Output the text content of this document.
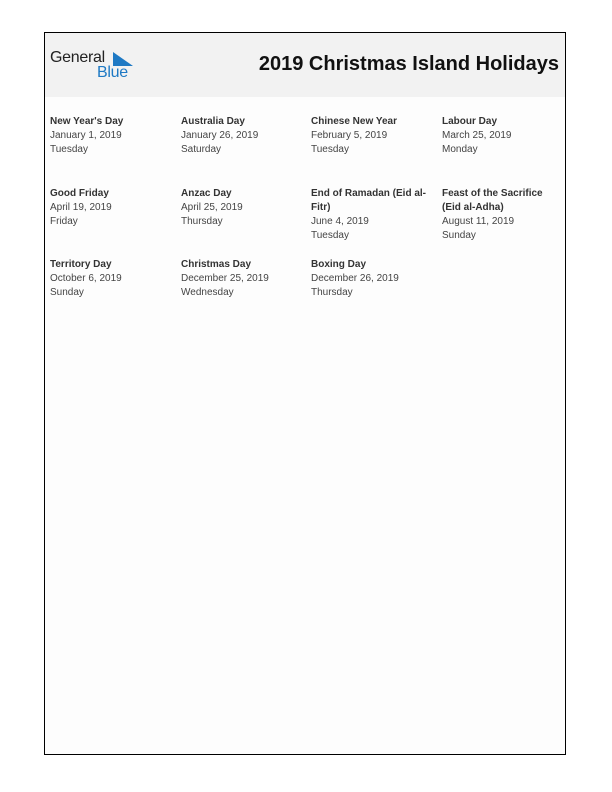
General
Blue	2019 Christmas Island Holidays
New Year's Day
January 1, 2019
Tuesday
Australia Day
January 26, 2019
Saturday
Chinese New Year
February 5, 2019
Tuesday
Labour Day
March 25, 2019
Monday
Good Friday
April 19, 2019
Friday
Anzac Day
April 25, 2019
Thursday
End of Ramadan (Eid al-Fitr)
June 4, 2019
Tuesday
Feast of the Sacrifice (Eid al-Adha)
August 11, 2019
Sunday
Territory Day
October 6, 2019
Sunday
Christmas Day
December 25, 2019
Wednesday
Boxing Day
December 26, 2019
Thursday
